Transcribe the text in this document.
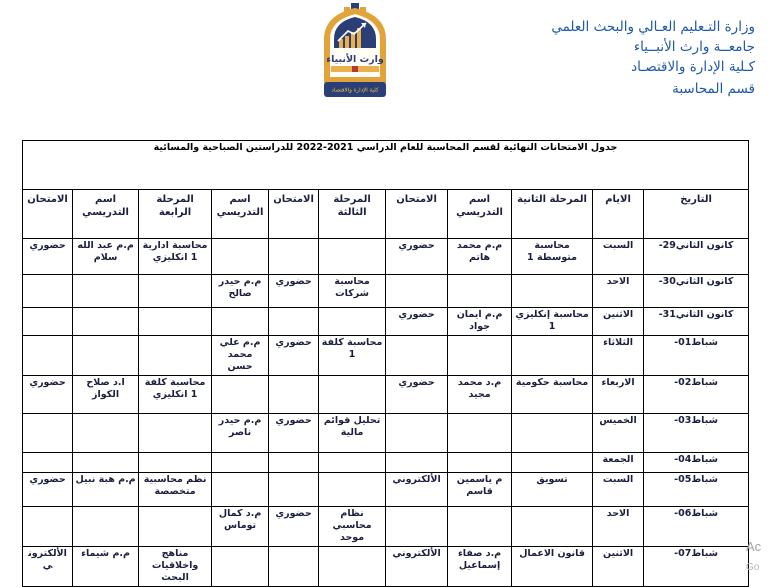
وزارة التـعليم العـالي والبحث العلمي
جامعــة وارث الأنبــياء
كـلية الإدارة والاقتصـاد
قسم المحاسبة
وارث الأنبياء
كلية الإدارة والاقتصاد
جدول الامتحانات النهائية لقسم المحاسبة للعام الدراسي 2021-2022 للدراستين الصباحية والمسائية										
التاريخ	الايام	المرحلة الثانية	اسم التدريسي	الامتحان	المرحلة الثالثة	الامتحان	اسم التدريسي	المرحلة الرابعة	اسم التدريسي	الامتحان
-29كانون الثاني	السبت	محاسبة متوسطة 1	م.م محمد هاتم	حضوري				محاسبة ادارية 1 انكليزي	م.م عبد الله سلام	حضوري
-30كانون الثاني	الاحد				محاسبة شركات	حضوري	م.م حيدر صالح			
-31كانون الثاني	الاثنين	محاسبة إنكليزي 1	م.م ايمان جواد	حضوري						
-01شباط	الثلاثاء				محاسبة كلفة 1	حضوري	م.م علي محمد حسن			
-02شباط	الاربعاء	محاسبة حكومية	م.د محمد مجيد	حضوري				محاسبة كلفة 1 انكليزي	ا.د صلاح الكواز	حضوري
-03شباط	الخميس				تحليل قوائم مالية	حضوري	م.م حيدر ناصر			
-04شباط	الجمعة									
-05شباط	السبت	تسويق	م ياسمين قاسم	الألكتروني				نظم محاسبية متخصصة	م.م هبة نبيل	حضوري
-06شباط	الاحد				نظام محاسبي موحد	حضوري	م.د كمال توماس			
-07شباط	الاثنين	قانون الاعمال	م.د صفاء إسماعيل	الألكتروني				مناهج واخلاقيات البحث	م.م شيماء	الألكتروني
Ac
Go
